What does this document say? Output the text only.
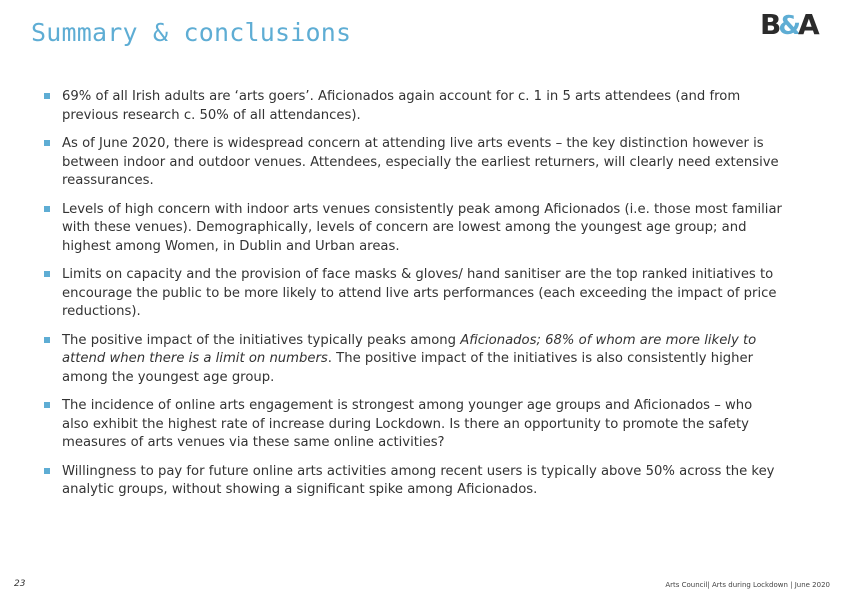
Summary & conclusions	B&A
69% of all Irish adults are ‘arts goers’. Aficionados again account for c. 1 in 5 arts attendees (and from previous research c. 50% of all attendances).
As of June 2020, there is widespread concern at attending live arts events – the key distinction however is between indoor and outdoor venues. Attendees, especially the earliest returners, will clearly need extensive reassurances.
Levels of high concern with indoor arts venues consistently peak among Aficionados (i.e. those most familiar with these venues). Demographically, levels of concern are lowest among the youngest age group; and highest among Women, in Dublin and Urban areas.
Limits on capacity and the provision of face masks & gloves/ hand sanitiser are the top ranked initiatives to encourage the public to be more likely to attend live arts performances (each exceeding the impact of price reductions).
The positive impact of the initiatives typically peaks among Aficionados; 68% of whom are more likely to attend when there is a limit on numbers. The positive impact of the initiatives is also consistently higher among the youngest age group.
The incidence of online arts engagement is strongest among younger age groups and Aficionados – who also exhibit the highest rate of increase during Lockdown. Is there an opportunity to promote the safety measures of arts venues via these same online activities?
Willingness to pay for future online arts activities among recent users is typically above 50% across the key analytic groups, without showing a significant spike among Aficionados.
23	Arts Council| Arts during Lockdown | June 2020
